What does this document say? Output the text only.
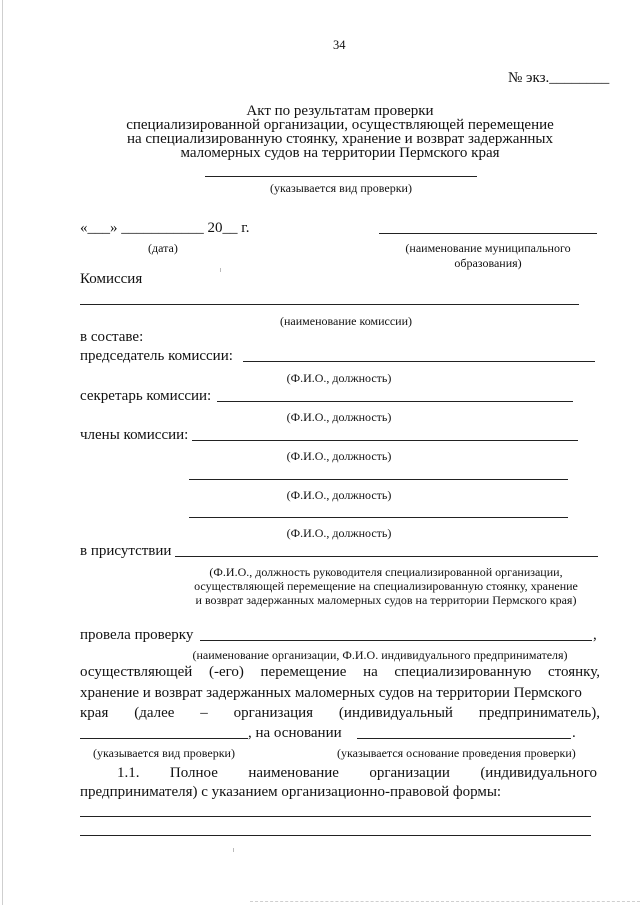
34
№ экз.________
Акт по результатам проверки
специализированной организации, осуществляющей перемещение
на специализированную стоянку, хранение и возврат задержанных
маломерных судов на территории Пермского края
(указывается вид проверки)
«___» ___________ 20__ г.
(дата)	(наименование муниципального
образования)
Комиссия
(наименование комиссии)
в составе:
председатель комиссии:
(Ф.И.О., должность)
секретарь комиссии:
(Ф.И.О., должность)
члены комиссии:
(Ф.И.О., должность)
(Ф.И.О., должность)
(Ф.И.О., должность)
в присутствии
(Ф.И.О., должность руководителя специализированной организации,
осуществляющей перемещение на специализированную стоянку, хранение
и возврат задержанных маломерных судов на территории Пермского края)
провела проверку	,
(наименование организации, Ф.И.О. индивидуального предпринимателя)
осуществляющей (-его) перемещение на специализированную стоянку,
хранение и возврат задержанных маломерных судов на территории Пермского
края (далее – организация (индивидуальный предприниматель),
, на основании	.
(указывается вид проверки)	(указывается основание проведения проверки)
1.1. Полное наименование организации (индивидуального
предпринимателя) с указанием организационно-правовой формы:
